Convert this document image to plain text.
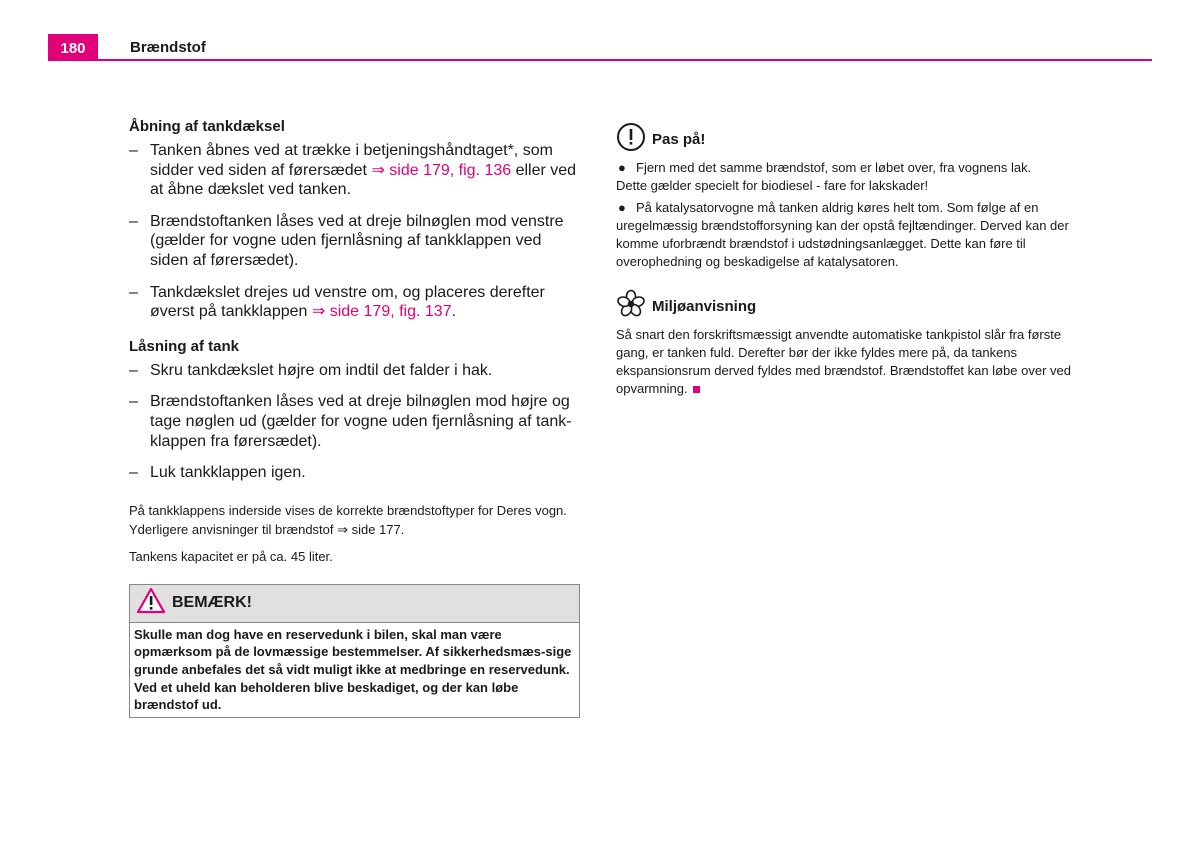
180	Brændstof
Åbning af tankdæksel
– Tanken åbnes ved at trække i betjeningshåndtaget*, som sidder ved siden af førersædet ⇒ side 179, fig. 136 eller ved at åbne dækslet ved tanken.
– Brændstoftanken låses ved at dreje bilnøglen mod venstre (gælder for vogne uden fjernlåsning af tankklappen ved siden af førersædet).
– Tankdækslet drejes ud venstre om, og placeres derefter øverst på tankklappen ⇒ side 179, fig. 137.
Låsning af tank
– Skru tankdækslet højre om indtil det falder i hak.
– Brændstoftanken låses ved at dreje bilnøglen mod højre og tage nøglen ud (gælder for vogne uden fjernlåsning af tank-klappen fra førersædet).
– Luk tankklappen igen.
På tankklappens inderside vises de korrekte brændstoftyper for Deres vogn. Yderligere anvisninger til brændstof ⇒ side 177.
Tankens kapacitet er på ca. 45 liter.
BEMÆRK!
Skulle man dog have en reservedunk i bilen, skal man være opmærksom på de lovmæssige bestemmelser. Af sikkerhedsmæs-sige grunde anbefales det så vidt muligt ikke at medbringe en reservedunk. Ved et uheld kan beholderen blive beskadiget, og der kan løbe brændstof ud.
Pas på!
● Fjern med det samme brændstof, som er løbet over, fra vognens lak.
Dette gælder specielt for biodiesel - fare for lakskader!
● På katalysatorvogne må tanken aldrig køres helt tom. Som følge af en
uregelmæssig brændstofforsyning kan der opstå fejltændinger. Derved kan der komme uforbrændt brændstof i udstødningsanlægget. Dette kan føre til overophedning og beskadigelse af katalysatoren.
Miljøanvisning
Så snart den forskriftsmæssigt anvendte automatiske tankpistol slår fra første gang, er tanken fuld. Derefter bør der ikke fyldes mere på, da tankens ekspansionsrum derved fyldes med brændstof. Brændstoffet kan løbe over ved opvarmning.
